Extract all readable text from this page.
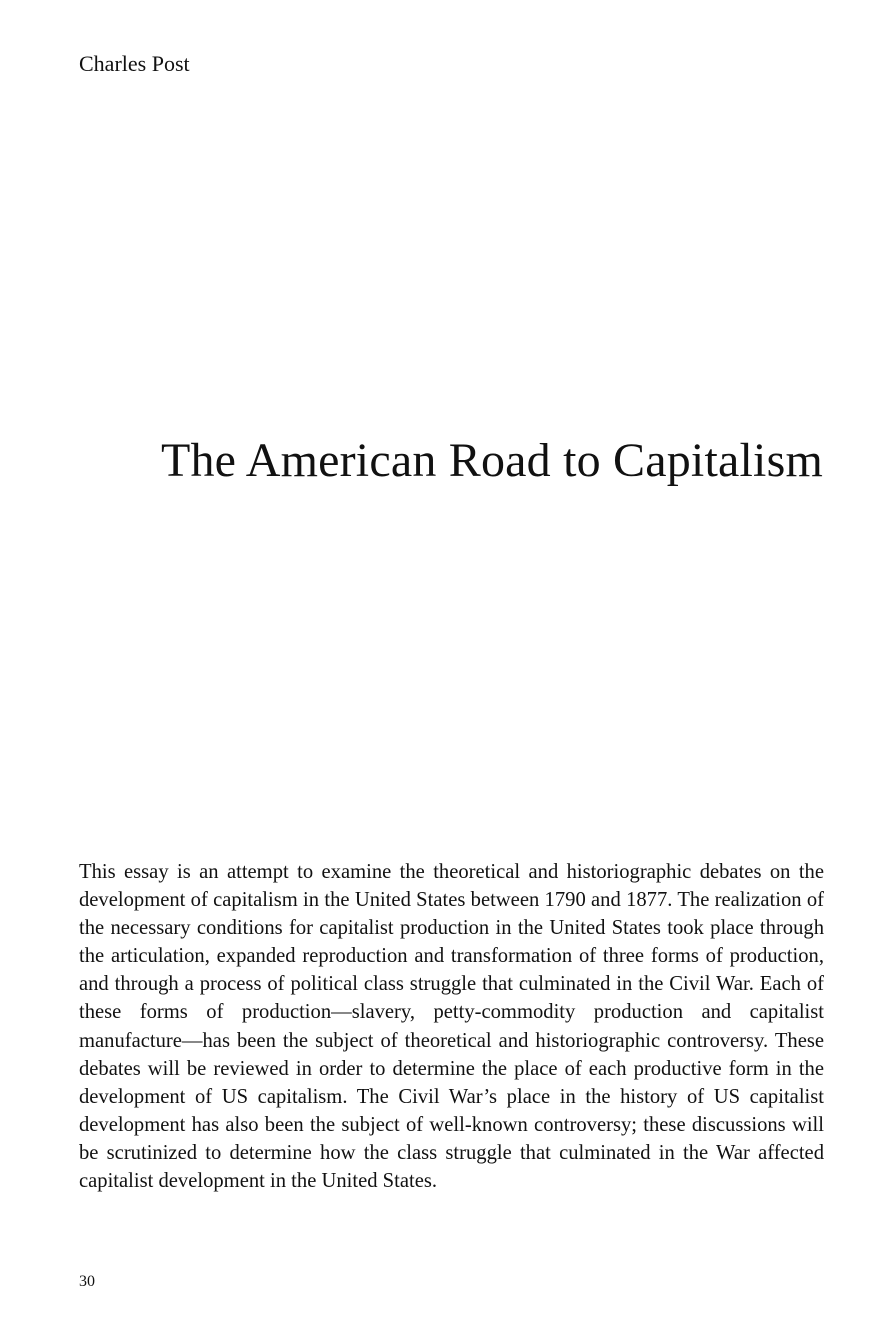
Charles Post

The American Road to Capitalism

This essay is an attempt to examine the theoretical and historiographic debates on the development of capitalism in the United States between 1790 and 1877. The realization of the necessary conditions for capitalist production in the United States took place through the articulation, expanded reproduction and transformation of three forms of production, and through a process of political class struggle that culminated in the Civil War. Each of these forms of production—slavery, petty-commodity production and capitalist manufacture—has been the subject of theoretical and historiographic controversy. These debates will be reviewed in order to determine the place of each productive form in the development of US capitalism. The Civil War’s place in the history of US capitalist development has also been the subject of well-known controversy; these discussions will be scrutinized to determine how the class struggle that culminated in the War affected capitalist development in the United States.

30
